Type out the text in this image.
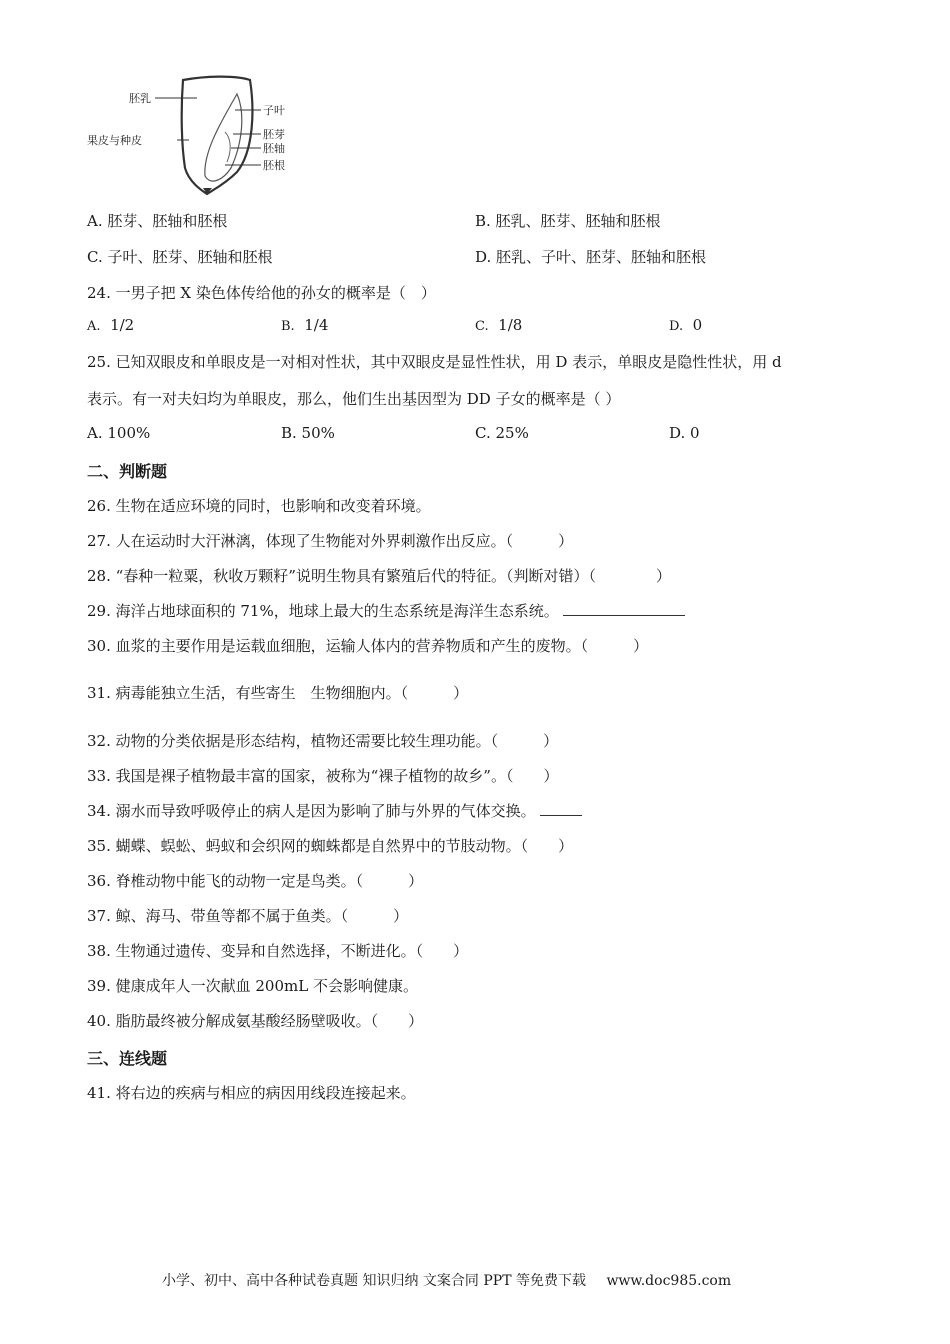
胚乳
果皮与种皮
子叶
胚芽
胚轴
胚根
A. 胚芽、胚轴和胚根	B. 胚乳、胚芽、胚轴和胚根
C. 子叶、胚芽、胚轴和胚根	D. 胚乳、子叶、胚芽、胚轴和胚根
24. 一男子把 X 染色体传给他的孙女的概率是（　）
A. 1/2	B. 1/4	C. 1/8	D. 0
25. 已知双眼皮和单眼皮是一对相对性状，其中双眼皮是显性性状，用 D 表示，单眼皮是隐性性状，用 d
表示。有一对夫妇均为单眼皮，那么，他们生出基因型为 DD 子女的概率是（ ）
A. 100%	B. 50%	C. 25%	D. 0
二、判断题
26. 生物在适应环境的同时，也影响和改变着环境。
27. 人在运动时大汗淋漓，体现了生物能对外界刺激作出反应。（　　　）
28. “春种一粒粟，秋收万颗籽”说明生物具有繁殖后代的特征。（判断对错）（　　　　）
29. 海洋占地球面积的 71%，地球上最大的生态系统是海洋生态系统。
30. 血浆的主要作用是运载血细胞，运输人体内的营养物质和产生的废物。（　　　）
31. 病毒能独立生活，有些寄生　生物细胞内。（　　　）
32. 动物的分类依据是形态结构，植物还需要比较生理功能。（　　　）
33. 我国是裸子植物最丰富的国家，被称为“裸子植物的故乡”。（　　）
34. 溺水而导致呼吸停止的病人是因为影响了肺与外界的气体交换。
35. 蝴蝶、蜈蚣、蚂蚁和会织网的蜘蛛都是自然界中的节肢动物。（　　）
36. 脊椎动物中能飞的动物一定是鸟类。（　　　）
37. 鲸、海马、带鱼等都不属于鱼类。（　　　）
38. 生物通过遗传、变异和自然选择，不断进化。（　　）
39. 健康成年人一次献血 200mL 不会影响健康。
40. 脂肪最终被分解成氨基酸经肠壁吸收。（　　）
三、连线题
41. 将右边的疾病与相应的病因用线段连接起来。
小学、初中、高中各种试卷真题 知识归纳 文案合同 PPT 等免费下载 www.doc985.com
